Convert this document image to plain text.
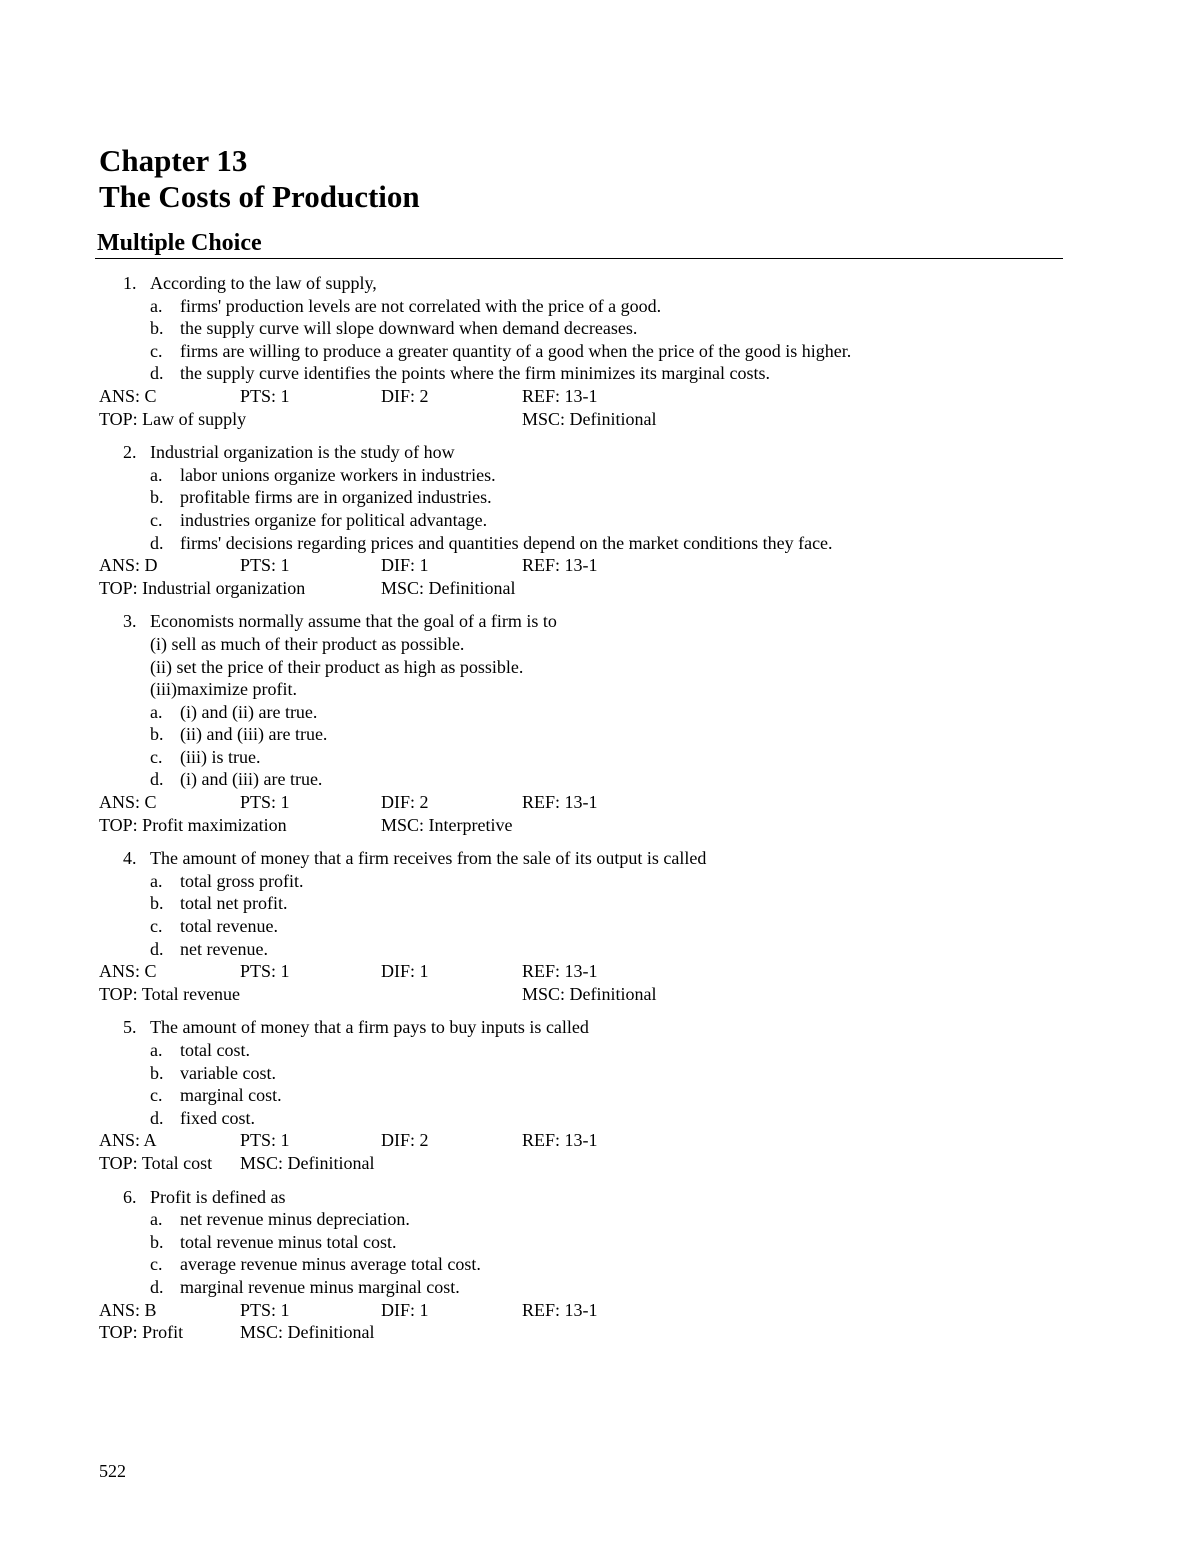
Chapter 13
The Costs of Production
Multiple Choice
1. According to the law of supply,
a. firms' production levels are not correlated with the price of a good.
b. the supply curve will slope downward when demand decreases.
c. firms are willing to produce a greater quantity of a good when the price of the good is higher.
d. the supply curve identifies the points where the firm minimizes its marginal costs.
ANS: C	PTS: 1	DIF: 2	REF: 13-1
TOP: Law of supply	MSC: Definitional
2. Industrial organization is the study of how
a. labor unions organize workers in industries.
b. profitable firms are in organized industries.
c. industries organize for political advantage.
d. firms' decisions regarding prices and quantities depend on the market conditions they face.
ANS: D	PTS: 1	DIF: 1	REF: 13-1
TOP: Industrial organization	MSC: Definitional
3. Economists normally assume that the goal of a firm is to
(i) sell as much of their product as possible.
(ii) set the price of their product as high as possible.
(iii)maximize profit.
a. (i) and (ii) are true.
b. (ii) and (iii) are true.
c. (iii) is true.
d. (i) and (iii) are true.
ANS: C	PTS: 1	DIF: 2	REF: 13-1
TOP: Profit maximization	MSC: Interpretive
4. The amount of money that a firm receives from the sale of its output is called
a. total gross profit.
b. total net profit.
c. total revenue.
d. net revenue.
ANS: C	PTS: 1	DIF: 1	REF: 13-1
TOP: Total revenue	MSC: Definitional
5. The amount of money that a firm pays to buy inputs is called
a. total cost.
b. variable cost.
c. marginal cost.
d. fixed cost.
ANS: A	PTS: 1	DIF: 2	REF: 13-1
TOP: Total cost MSC: Definitional
6. Profit is defined as
a. net revenue minus depreciation.
b. total revenue minus total cost.
c. average revenue minus average total cost.
d. marginal revenue minus marginal cost.
ANS: B	PTS: 1	DIF: 1	REF: 13-1
TOP: Profit	MSC: Definitional
522
